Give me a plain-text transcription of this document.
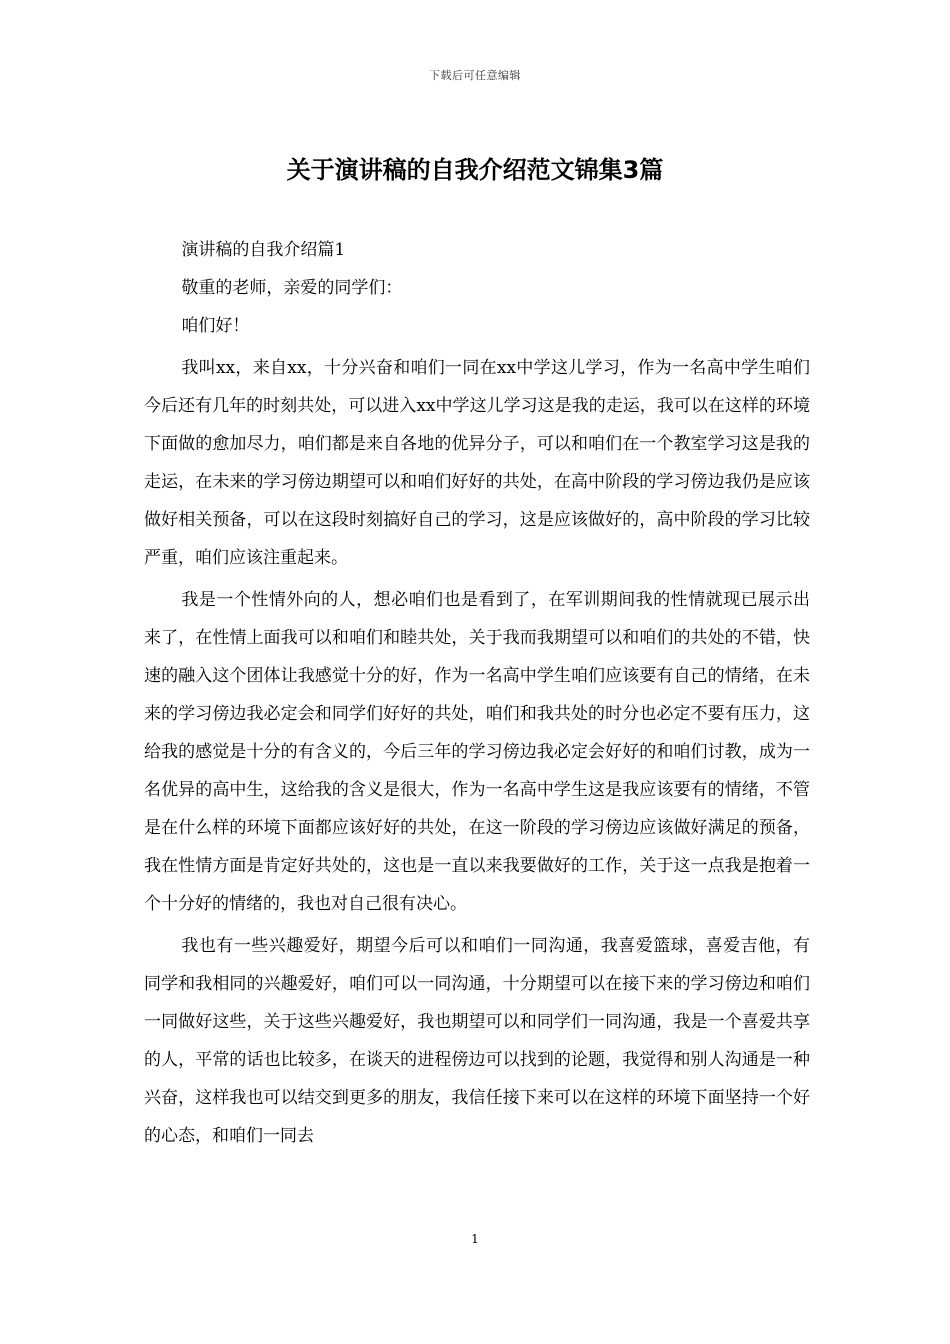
下载后可任意编辑
关于演讲稿的自我介绍范文锦集3篇

演讲稿的自我介绍篇1

敬重的老师，亲爱的同学们：

咱们好！

我叫xx，来自xx，十分兴奋和咱们一同在xx中学这儿学习，作为一名高中学生咱们今后还有几年的时刻共处，可以进入xx中学这儿学习这是我的走运，我可以在这样的环境下面做的愈加尽力，咱们都是来自各地的优异分子，可以和咱们在一个教室学习这是我的走运，在未来的学习傍边期望可以和咱们好好的共处，在高中阶段的学习傍边我仍是应该做好相关预备，可以在这段时刻搞好自己的学习，这是应该做好的，高中阶段的学习比较严重，咱们应该注重起来。

我是一个性情外向的人，想必咱们也是看到了，在军训期间我的性情就现已展示出来了，在性情上面我可以和咱们和睦共处，关于我而我期望可以和咱们的共处的不错，快速的融入这个团体让我感觉十分的好，作为一名高中学生咱们应该要有自己的情绪，在未来的学习傍边我必定会和同学们好好的共处，咱们和我共处的时分也必定不要有压力，这给我的感觉是十分的有含义的，今后三年的学习傍边我必定会好好的和咱们讨教，成为一名优异的高中生，这给我的含义是很大，作为一名高中学生这是我应该要有的情绪，不管是在什么样的环境下面都应该好好的共处，在这一阶段的学习傍边应该做好满足的预备，我在性情方面是肯定好共处的，这也是一直以来我要做好的工作，关于这一点我是抱着一个十分好的情绪的，我也对自己很有决心。

我也有一些兴趣爱好，期望今后可以和咱们一同沟通，我喜爱篮球，喜爱吉他，有同学和我相同的兴趣爱好，咱们可以一同沟通，十分期望可以在接下来的学习傍边和咱们一同做好这些，关于这些兴趣爱好，我也期望可以和同学们一同沟通，我是一个喜爱共享的人，平常的话也比较多，在谈天的进程傍边可以找到的论题，我觉得和别人沟通是一种兴奋，这样我也可以结交到更多的朋友，我信任接下来可以在这样的环境下面坚持一个好的心态，和咱们一同去

1
